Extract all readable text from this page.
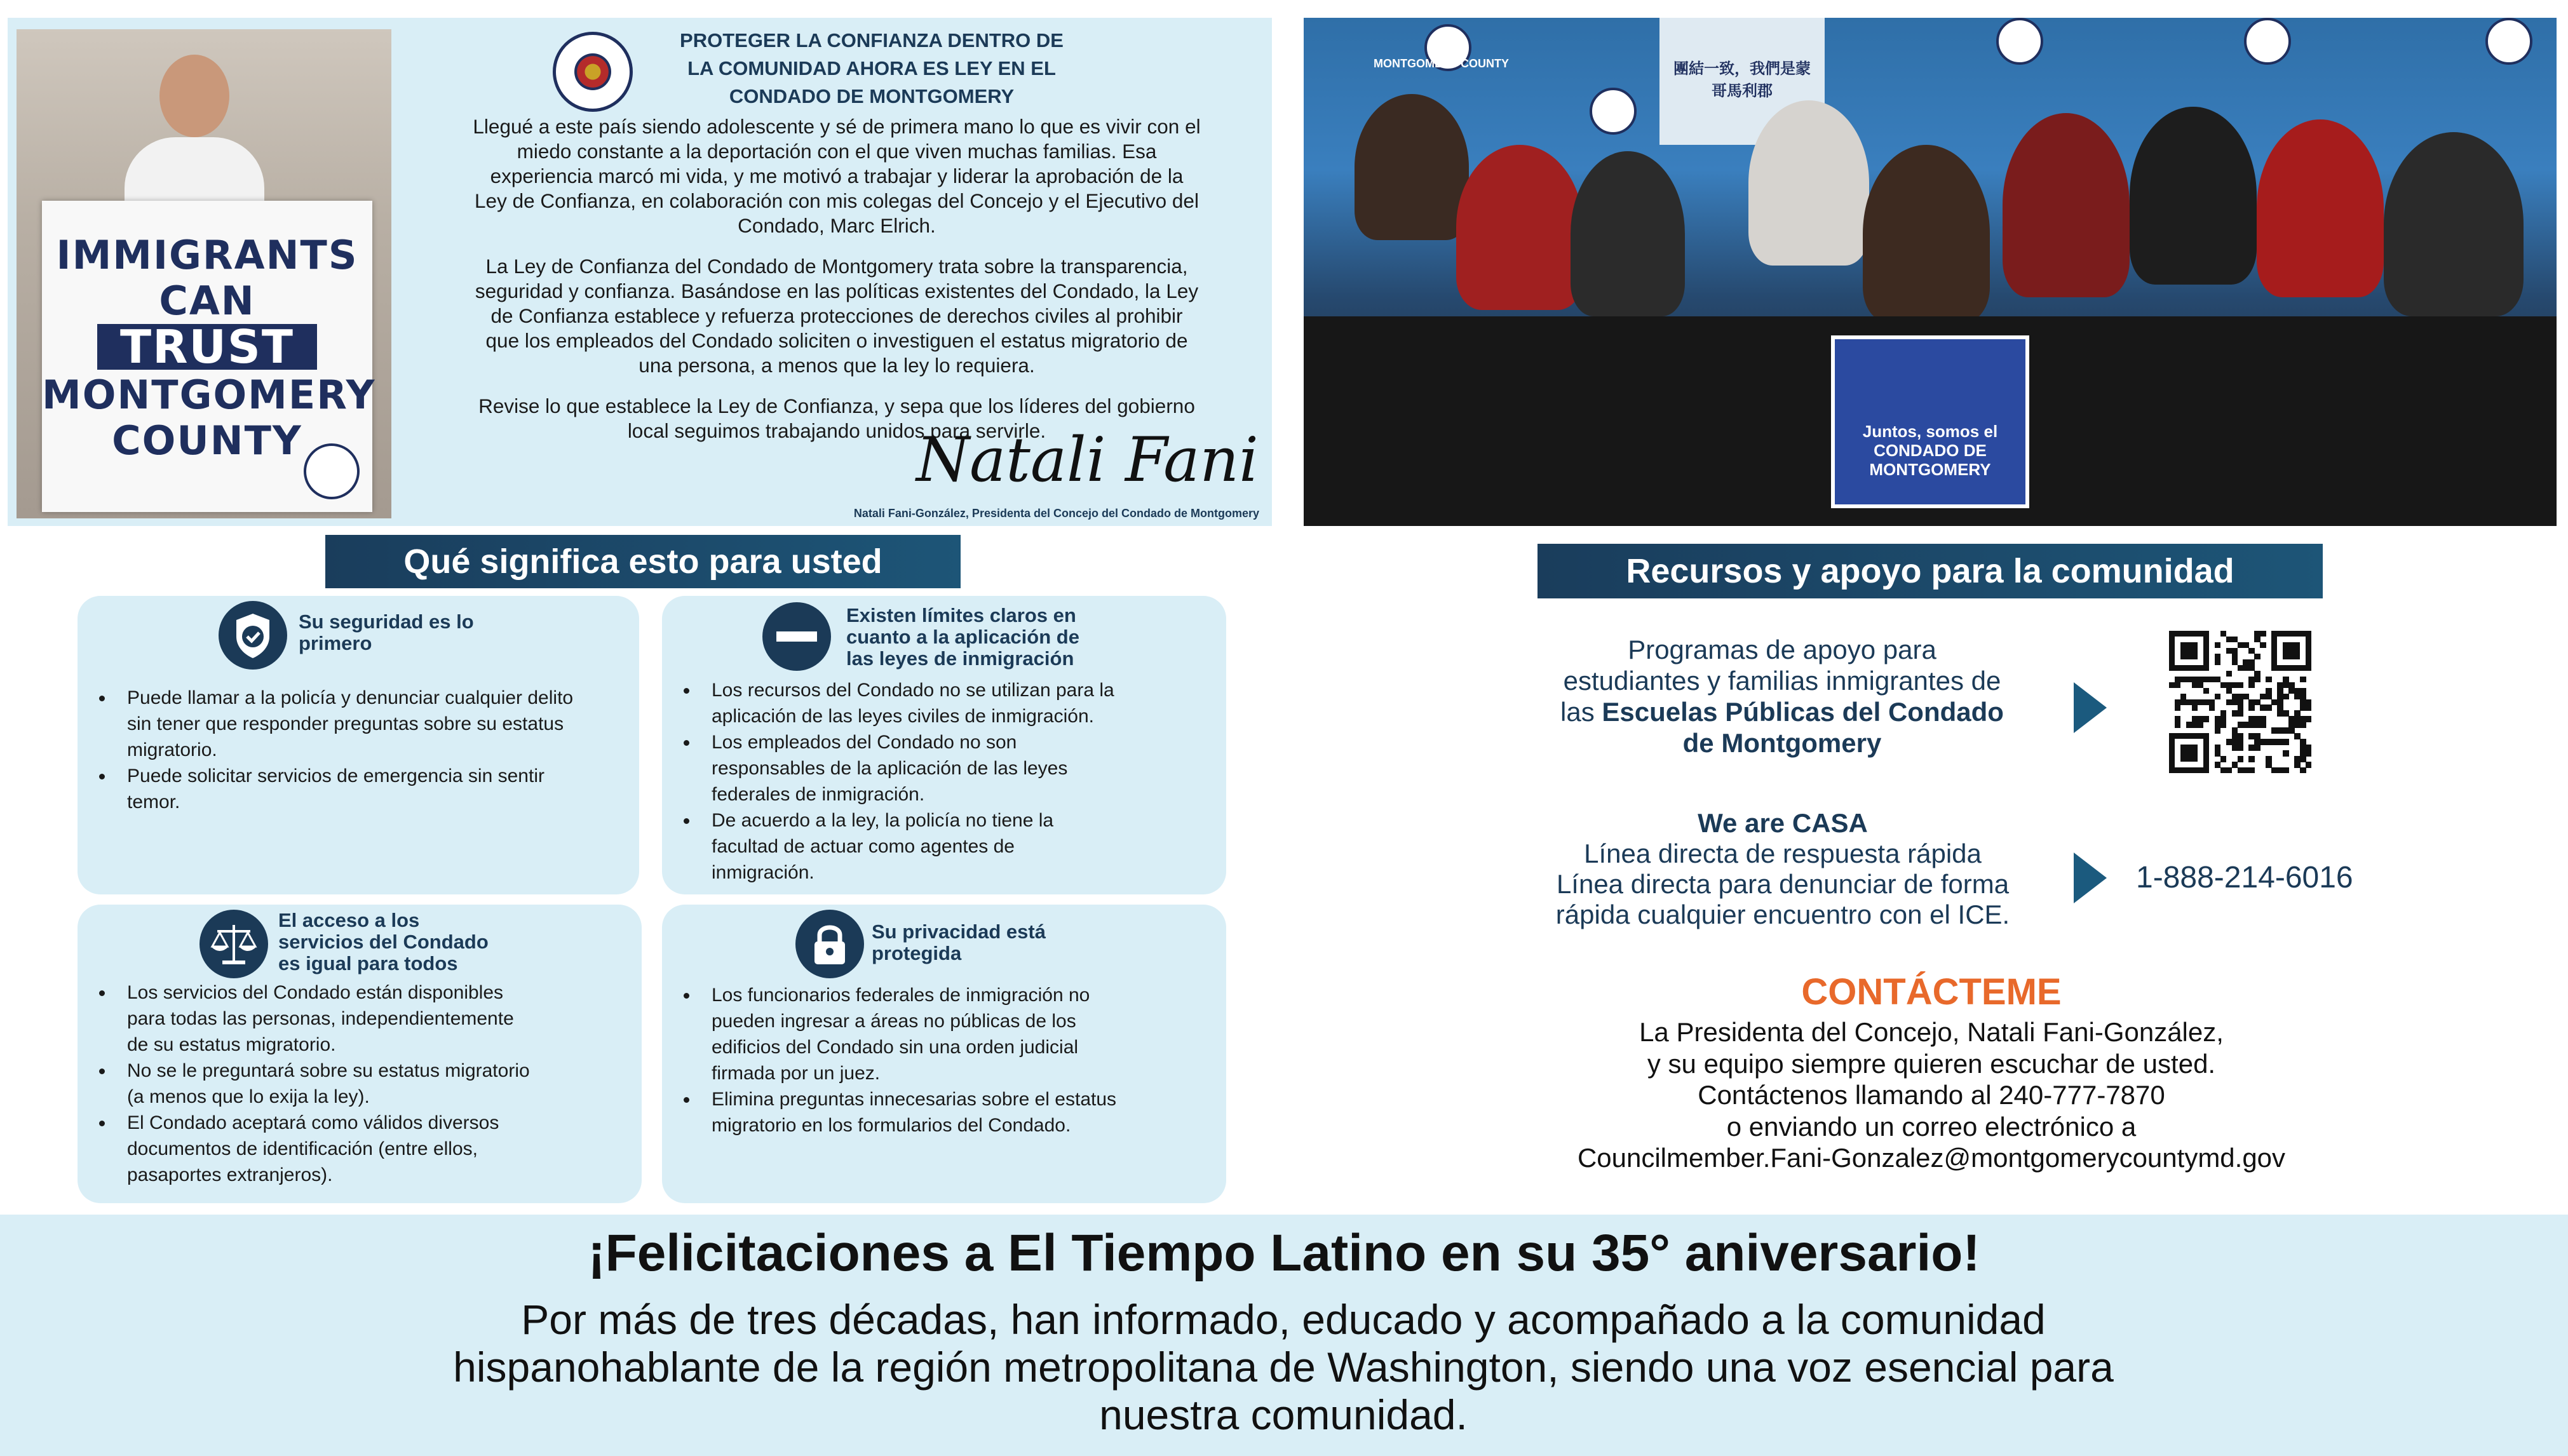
IMMIGRANTS
CAN
TRUST
MONTGOMERY
COUNTY
PROTEGER LA CONFIANZA DENTRO DE
LA COMUNIDAD AHORA ES LEY EN EL
CONDADO DE MONTGOMERY
Llegué a este país siendo adolescente y sé de primera mano lo que es vivir con el
miedo constante a la deportación con el que viven muchas familias. Esa
experiencia marcó mi vida, y me motivó a trabajar y liderar la aprobación de la
Ley de Confianza, en colaboración con mis colegas del Concejo y el Ejecutivo del
Condado, Marc Elrich.
La Ley de Confianza del Condado de Montgomery trata sobre la transparencia,
seguridad y confianza. Basándose en las políticas existentes del Condado, la Ley
de Confianza establece y refuerza protecciones de derechos civiles al prohibir
que los empleados del Condado soliciten o investiguen el estatus migratorio de
una persona, a menos que la ley lo requiera.
Revise lo que establece la Ley de Confianza, y sepa que los líderes del gobierno
local seguimos trabajando unidos para servirle.
Natali Fani
Natali Fani-González, Presidenta del Concejo del Condado de Montgomery
MONTGOMERY COUNTY	團結一致，我們是蒙哥馬利郡
Juntos, somos el CONDADO DE MONTGOMERY
Qué significa esto para usted
Su seguridad es lo
primero
• Puede llamar a la policía y denunciar cualquier delito
sin tener que responder preguntas sobre su estatus
migratorio.
• Puede solicitar servicios de emergencia sin sentir
temor.
Existen límites claros en
cuanto a la aplicación de
las leyes de inmigración
• Los recursos del Condado no se utilizan para la
aplicación de las leyes civiles de inmigración.
• Los empleados del Condado no son
responsables de la aplicación de las leyes
federales de inmigración.
• De acuerdo a la ley, la policía no tiene la
facultad de actuar como agentes de
inmigración.
El acceso a los
servicios del Condado
es igual para todos
• Los servicios del Condado están disponibles
para todas las personas, independientemente
de su estatus migratorio.
• No se le preguntará sobre su estatus migratorio
(a menos que lo exija la ley).
• El Condado aceptará como válidos diversos
documentos de identificación (entre ellos,
pasaportes extranjeros).
Su privacidad está
protegida
• Los funcionarios federales de inmigración no
pueden ingresar a áreas no públicas de los
edificios del Condado sin una orden judicial
firmada por un juez.
• Elimina preguntas innecesarias sobre el estatus
migratorio en los formularios del Condado.
Recursos y apoyo para la comunidad
Programas de apoyo para
estudiantes y familias inmigrantes de
las Escuelas Públicas del Condado
de Montgomery
We are CASA
Línea directa de respuesta rápida
Línea directa para denunciar de forma
rápida cualquier encuentro con el ICE.
1-888-214-6016
CONTÁCTEME
La Presidenta del Concejo, Natali Fani-González,
y su equipo siempre quieren escuchar de usted.
Contáctenos llamando al 240-777-7870
o enviando un correo electrónico a
Councilmember.Fani-Gonzalez@montgomerycountymd.gov
¡Felicitaciones a El Tiempo Latino en su 35° aniversario!
Por más de tres décadas, han informado, educado y acompañado a la comunidad
hispanohablante de la región metropolitana de Washington, siendo una voz esencial para
nuestra comunidad.
